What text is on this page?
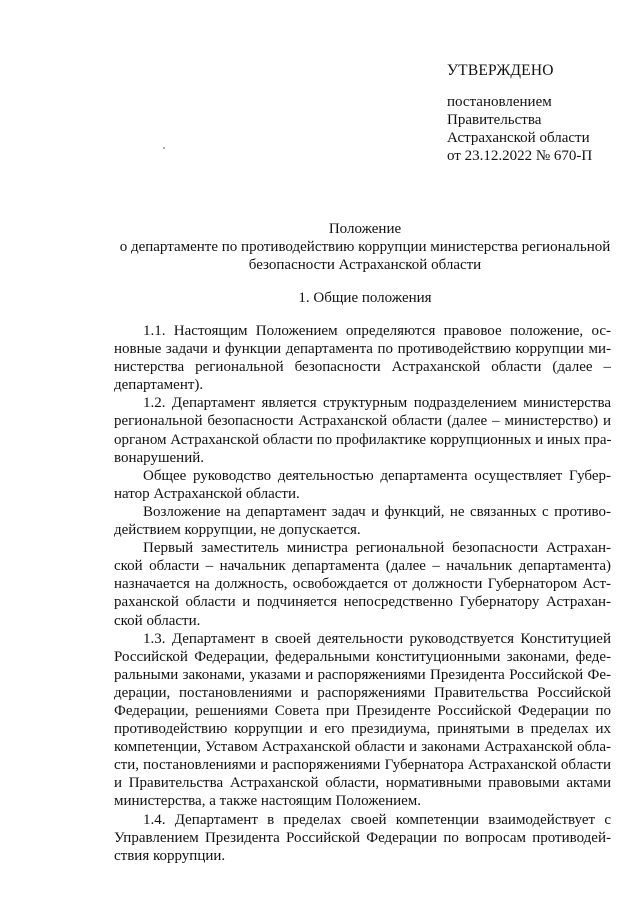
УТВЕРЖДЕНО
постановлением
Правительства
Астраханской области
от 23.12.2022 № 670-П
Положение
о департаменте по противодействию коррупции министерства региональной
безопасности Астраханской области
1. Общие положения
1.1. Настоящим Положением определяются правовое положение, ос-
новные задачи и функции департамента по противодействию коррупции ми-
нистерства региональной безопасности Астраханской области (далее –
департамент).
1.2. Департамент является структурным подразделением министерства
региональной безопасности Астраханской области (далее – министерство) и
органом Астраханской области по профилактике коррупционных и иных пра-
вонарушений.
Общее руководство деятельностью департамента осуществляет Губер-
натор Астраханской области.
Возложение на департамент задач и функций, не связанных с противо-
действием коррупции, не допускается.
Первый заместитель министра региональной безопасности Астрахан-
ской области – начальник департамента (далее – начальник департамента)
назначается на должность, освобождается от должности Губернатором Аст-
раханской области и подчиняется непосредственно Губернатору Астрахан-
ской области.
1.3. Департамент в своей деятельности руководствуется Конституцией
Российской Федерации, федеральными конституционными законами, феде-
ральными законами, указами и распоряжениями Президента Российской Фе-
дерации, постановлениями и распоряжениями Правительства Российской
Федерации, решениями Совета при Президенте Российской Федерации по
противодействию коррупции и его президиума, принятыми в пределах их
компетенции, Уставом Астраханской области и законами Астраханской обла-
сти, постановлениями и распоряжениями Губернатора Астраханской области
и Правительства Астраханской области, нормативными правовыми актами
министерства, а также настоящим Положением.
1.4. Департамент в пределах своей компетенции взаимодействует с
Управлением Президента Российской Федерации по вопросам противодей-
ствия коррупции.
